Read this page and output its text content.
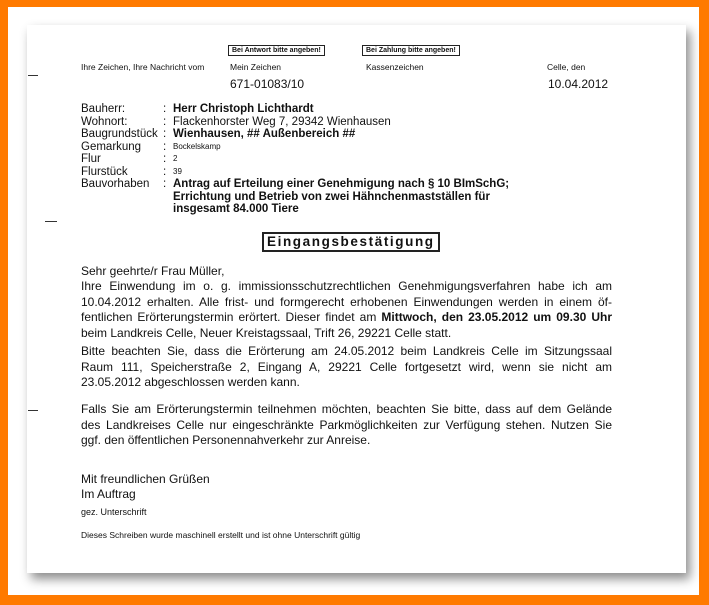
Bei Antwort bitte angeben!	Bei Zahlung bitte angeben!
Ihre Zeichen, Ihre Nachricht vom	Mein Zeichen	Kassenzeichen	Celle, den
671-01083/10	10.04.2012
Bauherr:	: Herr Christoph Lichthardt
Wohnort:	: Flackenhorster Weg 7, 29342 Wienhausen
Baugrundstück : Wienhausen, ## Außenbereich ##
Gemarkung	: Bockelskamp
Flur	: 2
Flurstück	: 39
Bauvorhaben	: Antrag auf Erteilung einer Genehmigung nach § 10 BImSchG;
Errichtung und Betrieb von zwei Hähnchenmastställen für
insgesamt 84.000 Tiere
Eingangsbestätigung
Sehr geehrte/r Frau Müller,
Ihre Einwendung im o. g. immissionsschutzrechtlichen Genehmigungsverfahren habe ich am
10.04.2012 erhalten. Alle frist- und formgerecht erhobenen Einwendungen werden in einem öf-
fentlichen Erörterungstermin erörtert. Dieser findet am Mittwoch, den 23.05.2012 um 09.30 Uhr
beim Landkreis Celle, Neuer Kreistagssaal, Trift 26, 29221 Celle statt.
Bitte beachten Sie, dass die Erörterung am 24.05.2012 beim Landkreis Celle im Sitzungssaal
Raum 111, Speicherstraße 2, Eingang A, 29221 Celle fortgesetzt wird, wenn sie nicht am
23.05.2012 abgeschlossen werden kann.
Falls Sie am Erörterungstermin teilnehmen möchten, beachten Sie bitte, dass auf dem Gelände
des Landkreises Celle nur eingeschränkte Parkmöglichkeiten zur Verfügung stehen. Nutzen Sie
ggf. den öffentlichen Personennahverkehr zur Anreise.
Mit freundlichen Grüßen
Im Auftrag
gez. Unterschrift
Dieses Schreiben wurde maschinell erstellt und ist ohne Unterschrift gültig
